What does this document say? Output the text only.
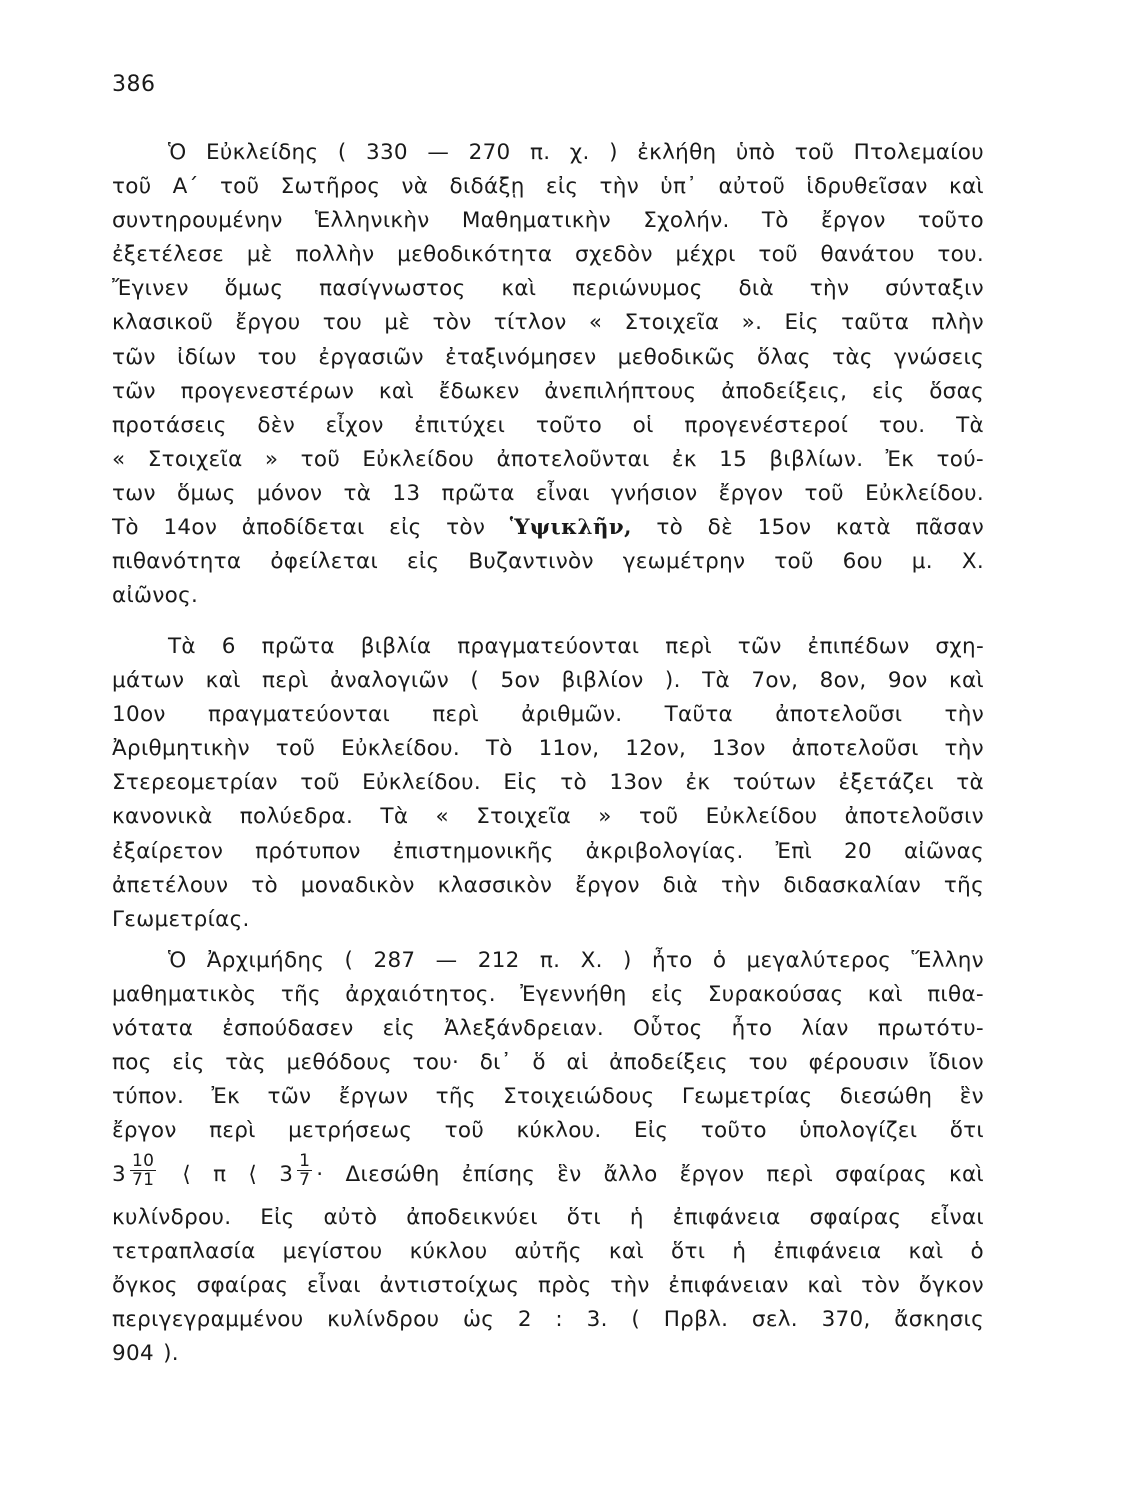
386
Ὁ Εὐκλείδης ( 330 — 270 π. χ. ) ἐκλήθη ὑπὸ τοῦ Πτολεμαίου
τοῦ Α΄ τοῦ Σωτῆρος νὰ διδάξῃ εἰς τὴν ὑπ᾽ αὐτοῦ ἱδρυθεῖσαν καὶ
συντηρουμένην Ἑλληνικὴν Μαθηματικὴν Σχολήν. Τὸ ἔργον τοῦτο
ἐξετέλεσε μὲ πολλὴν μεθοδικότητα σχεδὸν μέχρι τοῦ θανάτου του.
Ἔγινεν ὅμως πασίγνωστος καὶ περιώνυμος διὰ τὴν σύνταξιν
κλασικοῦ ἔργου του μὲ τὸν τίτλον « Στοιχεῖα ». Εἰς ταῦτα πλὴν
τῶν ἰδίων του ἐργασιῶν ἐταξινόμησεν μεθοδικῶς ὅλας τὰς γνώσεις
τῶν προγενεστέρων καὶ ἔδωκεν ἀνεπιλήπτους ἀποδείξεις, εἰς ὅσας
προτάσεις δὲν εἶχον ἐπιτύχει τοῦτο οἱ προγενέστεροί του. Τὰ
« Στοιχεῖα » τοῦ Εὐκλείδου ἀποτελοῦνται ἐκ 15 βιβλίων. Ἐκ τού-
των ὅμως μόνον τὰ 13 πρῶτα εἶναι γνήσιον ἔργον τοῦ Εὐκλείδου.
Τὸ 14ον ἀποδίδεται εἰς τὸν Ὑψικλῆν, τὸ δὲ 15ον κατὰ πᾶσαν
πιθανότητα ὀφείλεται εἰς Βυζαντινὸν γεωμέτρην τοῦ 6ου μ. Χ.
αἰῶνος.
Τὰ 6 πρῶτα βιβλία πραγματεύονται περὶ τῶν ἐπιπέδων σχη-
μάτων καὶ περὶ ἀναλογιῶν ( 5ον βιβλίον ). Τὰ 7ον, 8ον, 9ον καὶ
10ον πραγματεύονται περὶ ἀριθμῶν. Ταῦτα ἀποτελοῦσι τὴν
Ἀριθμητικὴν τοῦ Εὐκλείδου. Τὸ 11ον, 12ον, 13ον ἀποτελοῦσι τὴν
Στερεομετρίαν τοῦ Εὐκλείδου. Εἰς τὸ 13ον ἐκ τούτων ἐξετάζει τὰ
κανονικὰ πολύεδρα. Τὰ « Στοιχεῖα » τοῦ Εὐκλείδου ἀποτελοῦσιν
ἐξαίρετον πρότυπον ἐπιστημονικῆς ἀκριβολογίας. Ἐπὶ 20 αἰῶνας
ἀπετέλουν τὸ μοναδικὸν κλασσικὸν ἔργον διὰ τὴν διδασκαλίαν τῆς
Γεωμετρίας.
Ὁ Ἀρχιμήδης ( 287 — 212 π. Χ. ) ἦτο ὁ μεγαλύτερος Ἕλλην
μαθηματικὸς τῆς ἀρχαιότητος. Ἐγεννήθη εἰς Συρακούσας καὶ πιθα-
νότατα ἐσπούδασεν εἰς Ἀλεξάνδρειαν. Οὗτος ἦτο λίαν πρωτότυ-
πος εἰς τὰς μεθόδους του· δι᾽ ὅ αἱ ἀποδείξεις του φέρουσιν ἴδιον
τύπον. Ἐκ τῶν ἔργων τῆς Στοιχειώδους Γεωμετρίας διεσώθη ἓν
ἔργον περὶ μετρήσεως τοῦ κύκλου. Εἰς τοῦτο ὑπολογίζει ὅτι
$3 \frac{10}{71}$ ⟨ π ⟨ $3 \frac{1}{7} \cdot \Delta\iota\varepsilon\sigma ώ\theta\eta$ ἐπίσης ἓν ἄλλο ἔργον περὶ σφαίρας καὶ
κυλίνδρου. Εἰς αὐτὸ ἀποδεικνύει ὅτι ἡ ἐπιφάνεια σφαίρας εἶναι
τετραπλασία μεγίστου κύκλου αὐτῆς καὶ ὅτι ἡ ἐπιφάνεια καὶ ὁ
ὄγκος σφαίρας εἶναι ἀντιστοίχως πρὸς τὴν ἐπιφάνειαν καὶ τὸν ὄγκον
περιγεγραμμένου κυλίνδρου ὡς 2 : 3. ( Πρβλ. σελ. 370, ἄσκησις
904 ).
